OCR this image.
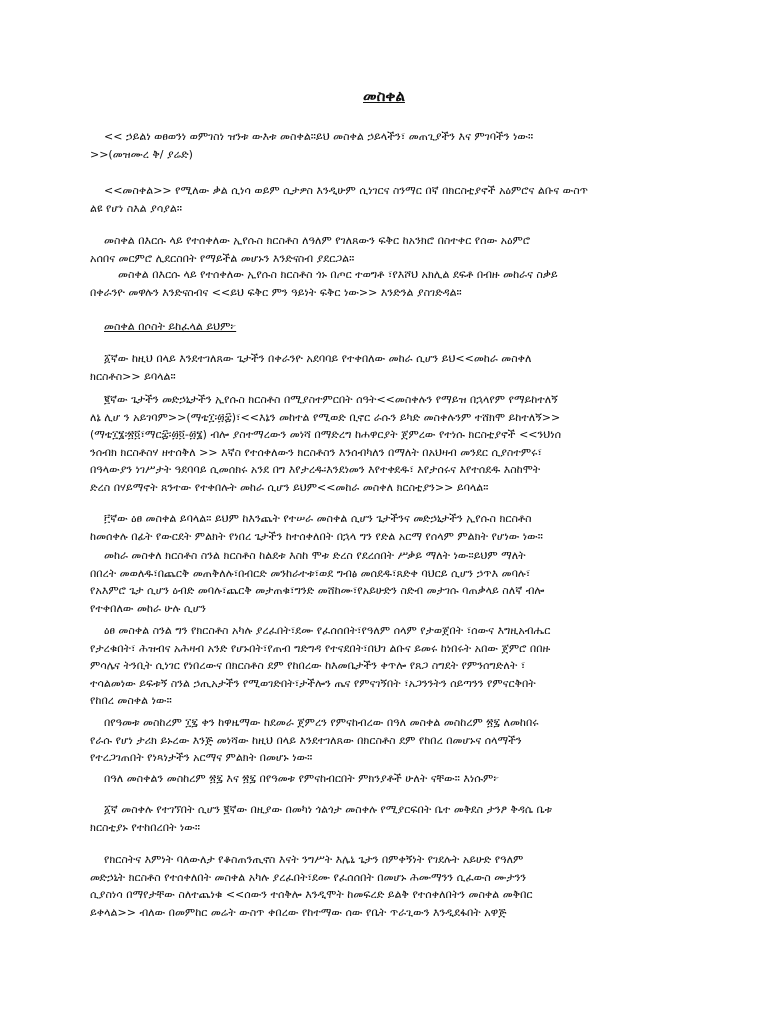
መስቀል
<< ኃይልነ ወፀወንነ ወምገስነ ዝንቱ ውእቱ መስቀል።ይህ መስቀል ኃይላችን፣ መጠጊያችን እና ምገባችን ነው።
>>(መዝሙረ ቅ/ ያሬድ)
<<መስቀል>> የሚለው ቃል ሲነሳ ወይም ሲታዎስ እንዲሁም ሲነገርና ስንማር በኛ በክርስቲያኖች አዕምሮና ልቡና ውስጥ
ልዩ የሆነ ስእል ያሳያል።
መስቀል በእርሱ ላይ የተሰቀለው ኢየሱስ ክርስቶስ ለዓለም የገለጸውን ፍቅር ከአንክሮ በስተቀር የሰው አዕምሮ
አሰበና መርምሮ ሊደርስበት የማይችል መሆኑን እንድናስብ ያደርጋል።
መስቀል በእርሱ ላይ የተሰቀለው ኢየሱስ ክርስቶስ ጎኑ በጦር ተወግቶ ፣የእሾህ አክሊል ደፍቶ በብዙ መከራና ስቃይ
በቀራንዮ መዋሉን እንድናስብና <<ይህ ፍቅር ምን ዓይነት ፍቅር ነው>> እንድንል ያስገድዳል።
መስቀል በሶስት ይከፈላል ይህም፦
፩ኛው ከዚህ በላይ እንደተገለጸው ጌታችን በቀራንዮ አደባባይ የተቀበለው መከራ ሲሆን ይህ<<መከራ መስቀለ
ክርስቶስ>> ይባላል።
፪ኛው ጌታችን መድኃኒታችን ኢየሱስ ክርስቶስ በሚያስተምርበት ሰዓት<<መስቀሉን የማይዝ በኋላየም የማይከተለኝ
ለኔ ሊሆ ን አይገባም>>(ማቴ፲፡፴፰)፣<<እኔን መከተል የሚወድ ቢኖር ራሱን ይካድ መስቀሉንም ተሸክሞ ይከተለኝ>>
(ማቴ፲፮፡፳፬፣ማር፰፡፴፬-፴፮) ብሎ ያስተማረውን መነሻ በማድረግ ከሐዋርያት ጀምረው የተነሱ ክርስቲያኖች <<ንህነሰ
ንሰብክ ክርስቶስሃ ዘተሰቅለ >> እኛስ የተሰቀለውን ክርስቶስን እንሰብካለን በማለት በአህዛብ መንደር ሲያስተምሩ፣
በዓላውያን ነገሥታት ዓደባባይ ሲመሰክሩ አንደ በግ እየታረዱ፡እንደነመን እየተቀደዱ፣ እየታሰሩና እየተሰደዱ እስከሞት
ድረስ በሃይማኖት ጸንተው የተቀበሉት መከራ ሲሆን ይህም<<መከራ መስቀለ ክርስቲያን>> ይባላል።
፫ኛው ዕፀ መስቀል ይባላል። ይህም ከእንጨት የተሠራ መስቀል ሲሆን ጌታችንና መድኃኒታችን ኢየሱስ ክርስቶስ
ከመሰቀሉ በፊት የውርደት ምልክት የነበረ ጌታችን ከተሰቀለበት በኋላ ግን የድል አርማ የሰላም ምልክት የሆነው ነው።
መከራ መስቀለ ክርስቶስ ስንል ክርስቶስ ከልደቱ እስከ ሞቱ ድረስ የደረሰበት ሥቃይ ማለት ነው።ይህም ማለት
በበረት መወለዱ፣በጨርቅ መጠቅለሉ፣በብርድ መንከራተቱ፣ወደ ግብፅ መሰደዱ፣ጸድቀ ባህርይ ሲሆን ኃጥእ መባሉ፣
የአእምሮ ጌታ ሲሆን ዕብድ መባሉ፣ጨርቅ መታጠቁ፣ግንድ መሸከሙ፣የአይሁድን ስድብ መታገሱ ባጠቃላይ ስለኛ ብሎ
የተቀበለው መከራ ሁሉ ሲሆን
ዕፀ መስቀል ስንል ግን የክርስቶስ አካሉ ያረፈበት፣ደሙ የፈሰሰበት፣የዓለም ሰላም የታወጀበት ፣ሰውና እግዚአብሔር
የታረቁበት፣ ሕዝብና አሕዛብ አንድ የሆኑበት፣የጠብ ግድግዳ የተናደበት፣በህገ ልቡና ይመሩ ከነበሩት አበው ጀምሮ በበዙ
ምሳሌና ትንቢት ሲነገር የነበረውና በክርስቶስ ደም የከበረው ከእመቤታችን ቀጥሎ የጸጋ ስግደት የምንሰግድለት ፣
ተሳልመነው ይፍቱኝ ስንል ኃጢአታችን የሚወገድበት፣ታችሎን ጤና የምናገኝበት ፣አጋንንትን ሰይጣንን የምናርቅበት
የከበረ መስቀል ነው።
በየዓመቱ መስከረም ፲፯ ቀን ከዋዜማው ከደመራ ጀምረን የምናከብረው በዓለ መስቀል መስከረም ፳፯ ለመከበሩ
የራሱ የሆነ ታሪክ ይኑረው እንጅ መነሻው ከዚህ በላይ እንደተገለጸው በክርስቶስ ደም የከበረ በመሆኑና ሰላማችን
የተረጋገጠበት የነጻነታችን አርማና ምልክት በመሆኑ ነው።
በዓለ መስቀልን መስከረም ፳፯ እና ፳፯ በየዓመቱ የምናከብርበት ምክንያቶች ሁለት ናቸው። እነሱም፦
፩ኛ መስቀሉ የተገኘበት ሲሆን ፪ኛው በዚያው በመካነ ጎልጎታ መስቀሉ የሚያርፍበት ቤተ መቅደስ ታንፆ ቅዳሴ ቤቱ
ክርስቲያኑ የተከበረበት ነው።
የክርስትና እምነት ባለውለታ የቆስጠንጢኖስ እናት ንግሥት እሌኒ ጌታን በምቀኝነት የገደሉት አይሁድ የዓለም
መድኃኒት ክርስቶስ የተሰቀለበት መስቀል አካሉ ያረፈበት፣ደሙ የፈሰሰበት በመሆኑ ሕሙማንን ሲፈውስ ሙታንን
ሲያስነሳ በማየታቸው ስለተጨነቁ <<ሰውን ተሰቅሎ እንዲሞት ከመፍረድ ይልቅ የተሰቀለበትን መስቀል መቅበር
ይቀላል>> ብለው በመምከር መሬት ውስጥ ቀበረው የከተማው ሰው የቤት ጥራጊውን እንዲደፋበት አዋጅ
